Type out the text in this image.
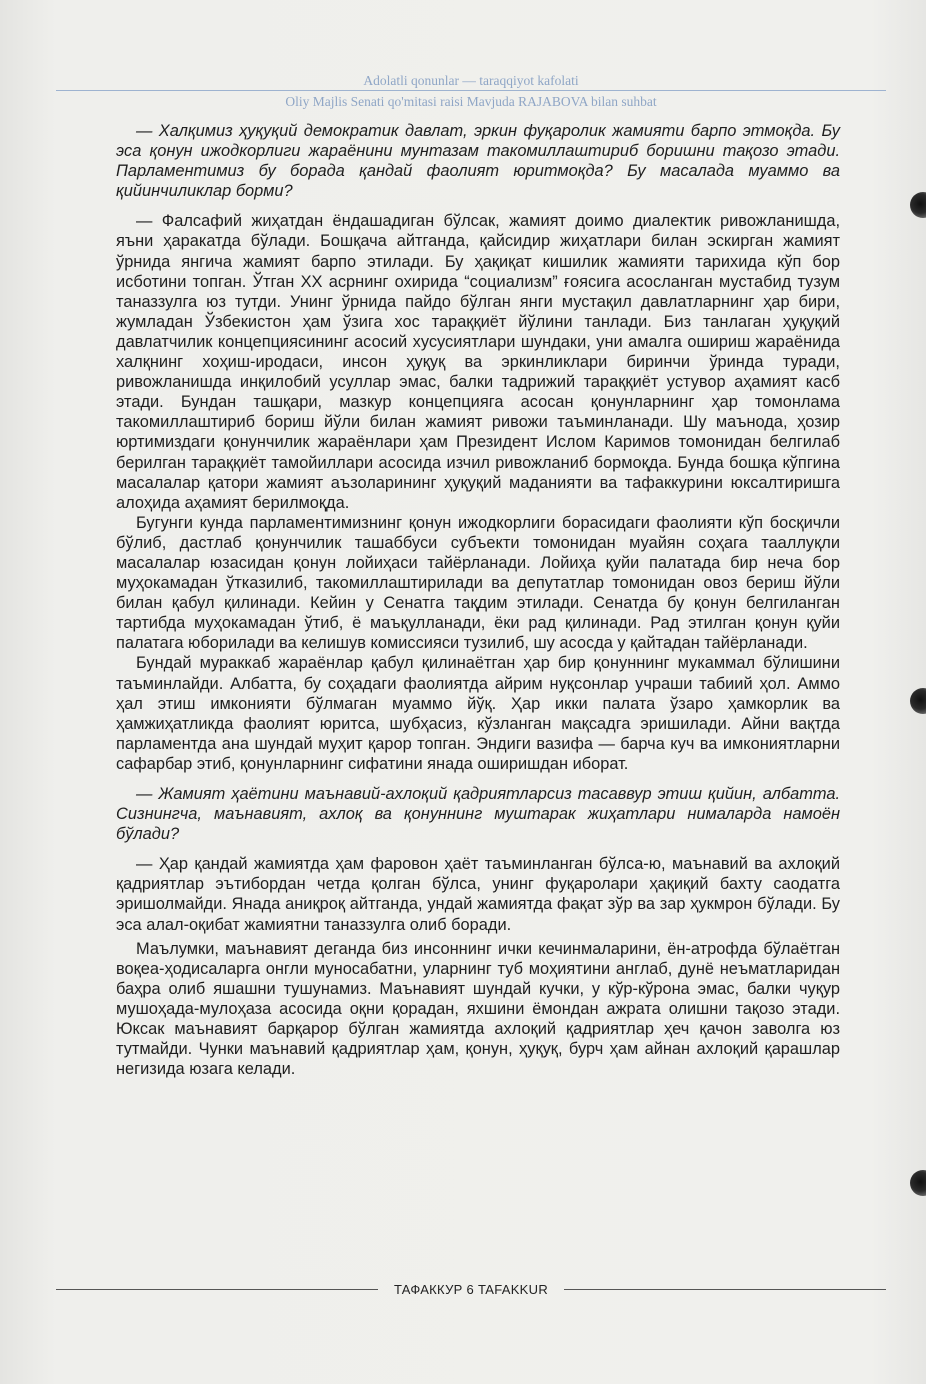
Adolatli qonunlar — taraqqiyot kafolati
Oliy Majlis Senati qo'mitasi raisi Mavjuda RAJABOVA bilan suhbat

— Халқимиз ҳуқуқий демократик давлат, эркин фуқаролик жамияти барпо этмоқда. Бу эса қонун ижодкорлиги жараёнини мунтазам такомиллаштириб боришни тақозо этади. Парламентимиз бу борада қандай фаолият юритмоқда? Бу масалада муаммо ва қийинчиликлар борми?

— Фалсафий жиҳатдан ёндашадиган бўлсак, жамият доимо диалектик ривожланишда, яъни ҳаракатда бўлади. Бошқача айтганда, қайсидир жиҳатлари билан эскирган жамият ўрнида янгича жамият барпо этилади. Бу ҳақиқат кишилик жамияти тарихида кўп бор исботини топган. Ўтган XX асрнинг охирида “социализм” ғоясига асосланган мустабид тузум таназзулга юз тутди. Унинг ўрнида пайдо бўлган янги мустақил давлатларнинг ҳар бири, жумладан Ўзбекистон ҳам ўзига хос тараққиёт йўлини танлади. Биз танлаган ҳуқуқий давлатчилик концепциясининг асосий хусусиятлари шундаки, уни амалга ошириш жараёнида халқнинг хоҳиш-иродаси, инсон ҳуқуқ ва эркинликлари биринчи ўринда туради, ривожланишда инқилобий усуллар эмас, балки тадрижий тараққиёт устувор аҳамият касб этади. Бундан ташқари, мазкур концепцияга асосан қонунларнинг ҳар томонлама такомиллаштириб бориш йўли билан жамият ривожи таъминланади. Шу маънода, ҳозир юртимиздаги қонунчилик жараёнлари ҳам Президент Ислом Каримов томонидан белгилаб берилган тараққиёт тамойиллари асосида изчил ривожланиб бормоқда. Бунда бошқа кўпгина масалалар қатори жамият аъзоларининг ҳуқуқий маданияти ва тафаккурини юксалтиришга алоҳида аҳамият берилмоқда.

Бугунги кунда парламентимизнинг қонун ижодкорлиги борасидаги фаолияти кўп босқичли бўлиб, дастлаб қонунчилик ташаббуси субъекти томонидан муайян соҳага тааллуқли масалалар юзасидан қонун лойиҳаси тайёрланади. Лойиҳа қуйи палатада бир неча бор муҳокамадан ўтказилиб, такомиллаштирилади ва депутатлар томонидан овоз бериш йўли билан қабул қилинади. Кейин у Сенатга тақдим этилади. Сенатда бу қонун белгиланган тартибда муҳокамадан ўтиб, ё маъқулланади, ёки рад қилинади. Рад этилган қонун қуйи палатага юборилади ва келишув комиссияси тузилиб, шу асосда у қайтадан тайёрланади.

Бундай мураккаб жараёнлар қабул қилинаётган ҳар бир қонуннинг мукаммал бўлишини таъминлайди. Албатта, бу соҳадаги фаолиятда айрим нуқсонлар учраши табиий ҳол. Аммо ҳал этиш имконияти бўлмаган муаммо йўқ. Ҳар икки палата ўзаро ҳамкорлик ва ҳамжиҳатликда фаолият юритса, шубҳасиз, кўзланган мақсадга эришилади. Айни вақтда парламентда ана шундай муҳит қарор топган. Эндиги вазифа — барча куч ва имкониятларни сафарбар этиб, қонунларнинг сифатини янада оширишдан иборат.

— Жамият ҳаётини маънавий-ахлоқий қадриятларсиз тасаввур этиш қийин, албатта. Сизнингча, маънавият, ахлоқ ва қонуннинг муштарак жиҳатлари нималарда намоён бўлади?

— Ҳар қандай жамиятда ҳам фаровон ҳаёт таъминланган бўлса-ю, маънавий ва ахлоқий қадриятлар эътибордан четда қолган бўлса, унинг фуқаролари ҳақиқий бахту саодатга эришолмайди. Янада аниқроқ айтганда, ундай жамиятда фақат зўр ва зар ҳукмрон бўлади. Бу эса алал-оқибат жамиятни таназзулга олиб боради.

Маълумки, маънавият деганда биз инсоннинг ички кечинмаларини, ён-атрофда бўлаётган воқеа-ҳодисаларга онгли муносабатни, уларнинг туб моҳиятини англаб, дунё неъматларидан баҳра олиб яшашни тушунамиз. Маънавият шундай кучки, у кўр-кўрона эмас, балки чуқур мушоҳада-мулоҳаза асосида оқни қорадан, яхшини ёмондан ажрата олишни тақозо этади. Юксак маънавият барқарор бўлган жамиятда ахлоқий қадриятлар ҳеч қачон заволга юз тутмайди. Чунки маънавий қадриятлар ҳам, қонун, ҳуқуқ, бурч ҳам айнан ахлоқий қарашлар негизида юзага келади.

ТАФАККУР 6 TAFAKKUR
